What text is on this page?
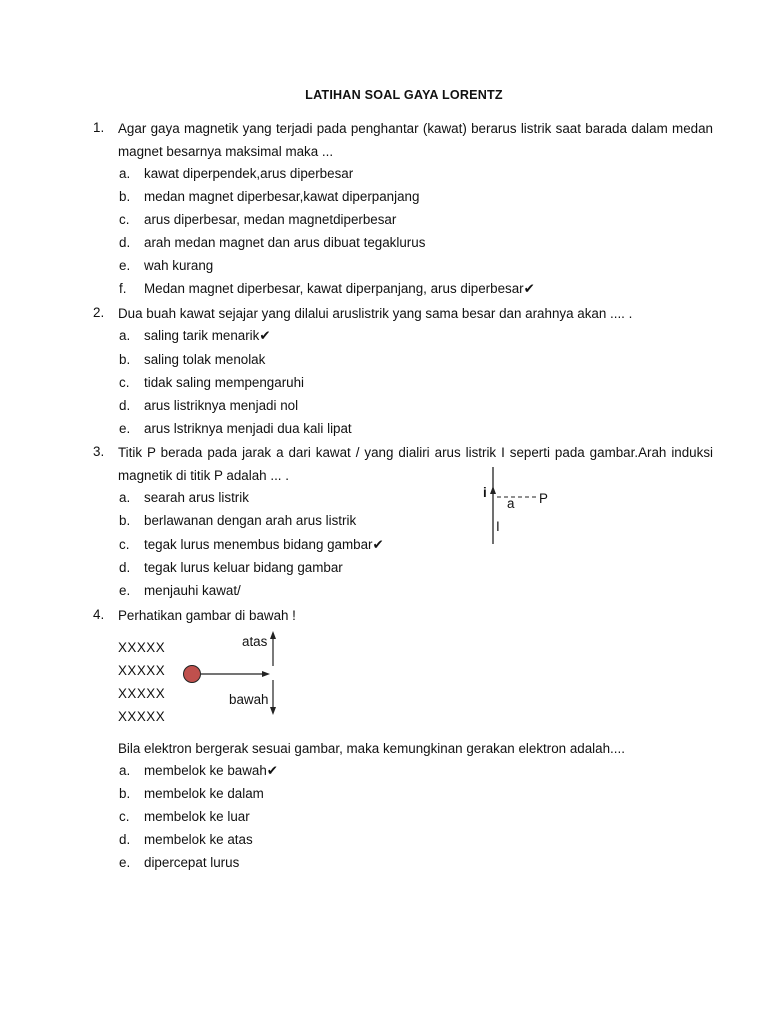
LATIHAN SOAL GAYA LORENTZ
1. Agar gaya magnetik yang terjadi pada penghantar (kawat) berarus listrik saat barada dalam medan magnet besarnya maksimal maka ...
a. kawat diperpendek,arus diperbesar
b. medan magnet diperbesar,kawat diperpanjang
c. arus diperbesar, medan magnetdiperbesar
d. arah medan magnet dan arus dibuat tegaklurus
e. wah kurang
f. Medan magnet diperbesar, kawat diperpanjang, arus diperbesar✔
2. Dua buah kawat sejajar yang dilalui aruslistrik yang sama besar dan arahnya akan .... .
a. saling tarik menarik✔
b. saling tolak menolak
c. tidak saling mempengaruhi
d. arus listriknya menjadi nol
e. arus lstriknya menjadi dua kali lipat
3. Titik P berada pada jarak a dari kawat / yang dialiri arus listrik I seperti pada gambar.Arah induksi magnetik di titik P adalah ... .
a. searah arus listrik
b. berlawanan dengan arah arus listrik
c. tegak lurus menembus bidang gambar✔
d. tegak lurus keluar bidang gambar
e. menjauhi kawat/
i
a P
I
4. Perhatikan gambar di bawah !
XXXXX
XXXXX
XXXXX
XXXXX
atas
bawah
Bila elektron bergerak sesuai gambar, maka kemungkinan gerakan elektron adalah....
a. membelok ke bawah✔
b. membelok ke dalam
c. membelok ke luar
d. membelok ke atas
e. dipercepat lurus
